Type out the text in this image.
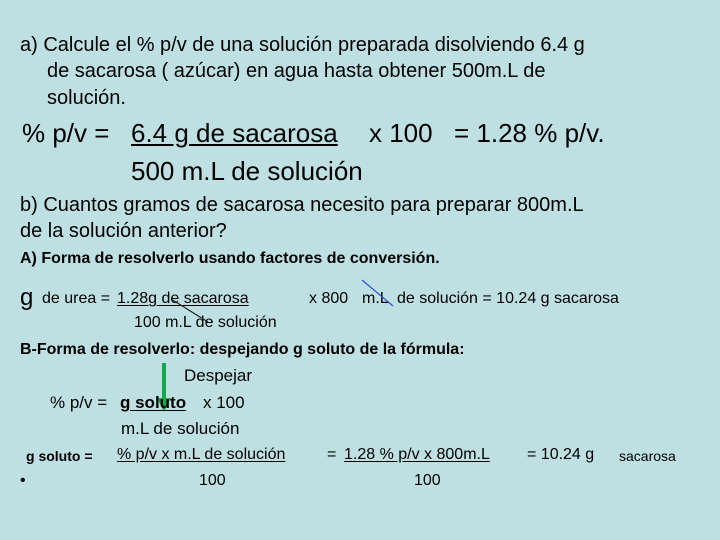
a) Calcule el % p/v de una solución preparada disolviendo 6.4 g
de sacarosa ( azúcar) en agua hasta obtener 500m.L de
solución.
% p/v = 6.4 g de sacarosa x 100 = 1.28 % p/v.
500 m.L de solución
b) Cuantos gramos de sacarosa necesito para preparar 800m.L
de la solución anterior?
A) Forma de resolverlo usando factores de conversión.
g de urea = 1.28g de sacarosa	x 800 m.L de solución = 10.24 g sacarosa
100 m.L de solución
B-Forma de resolverlo: despejando g soluto de la fórmula:
Despejar
% p/v = g soluto x 100
m.L de solución
g soluto = % p/v x m.L de solución	= 1.28 % p/v x 800m.L = 10.24 g sacarosa
•	100	100
